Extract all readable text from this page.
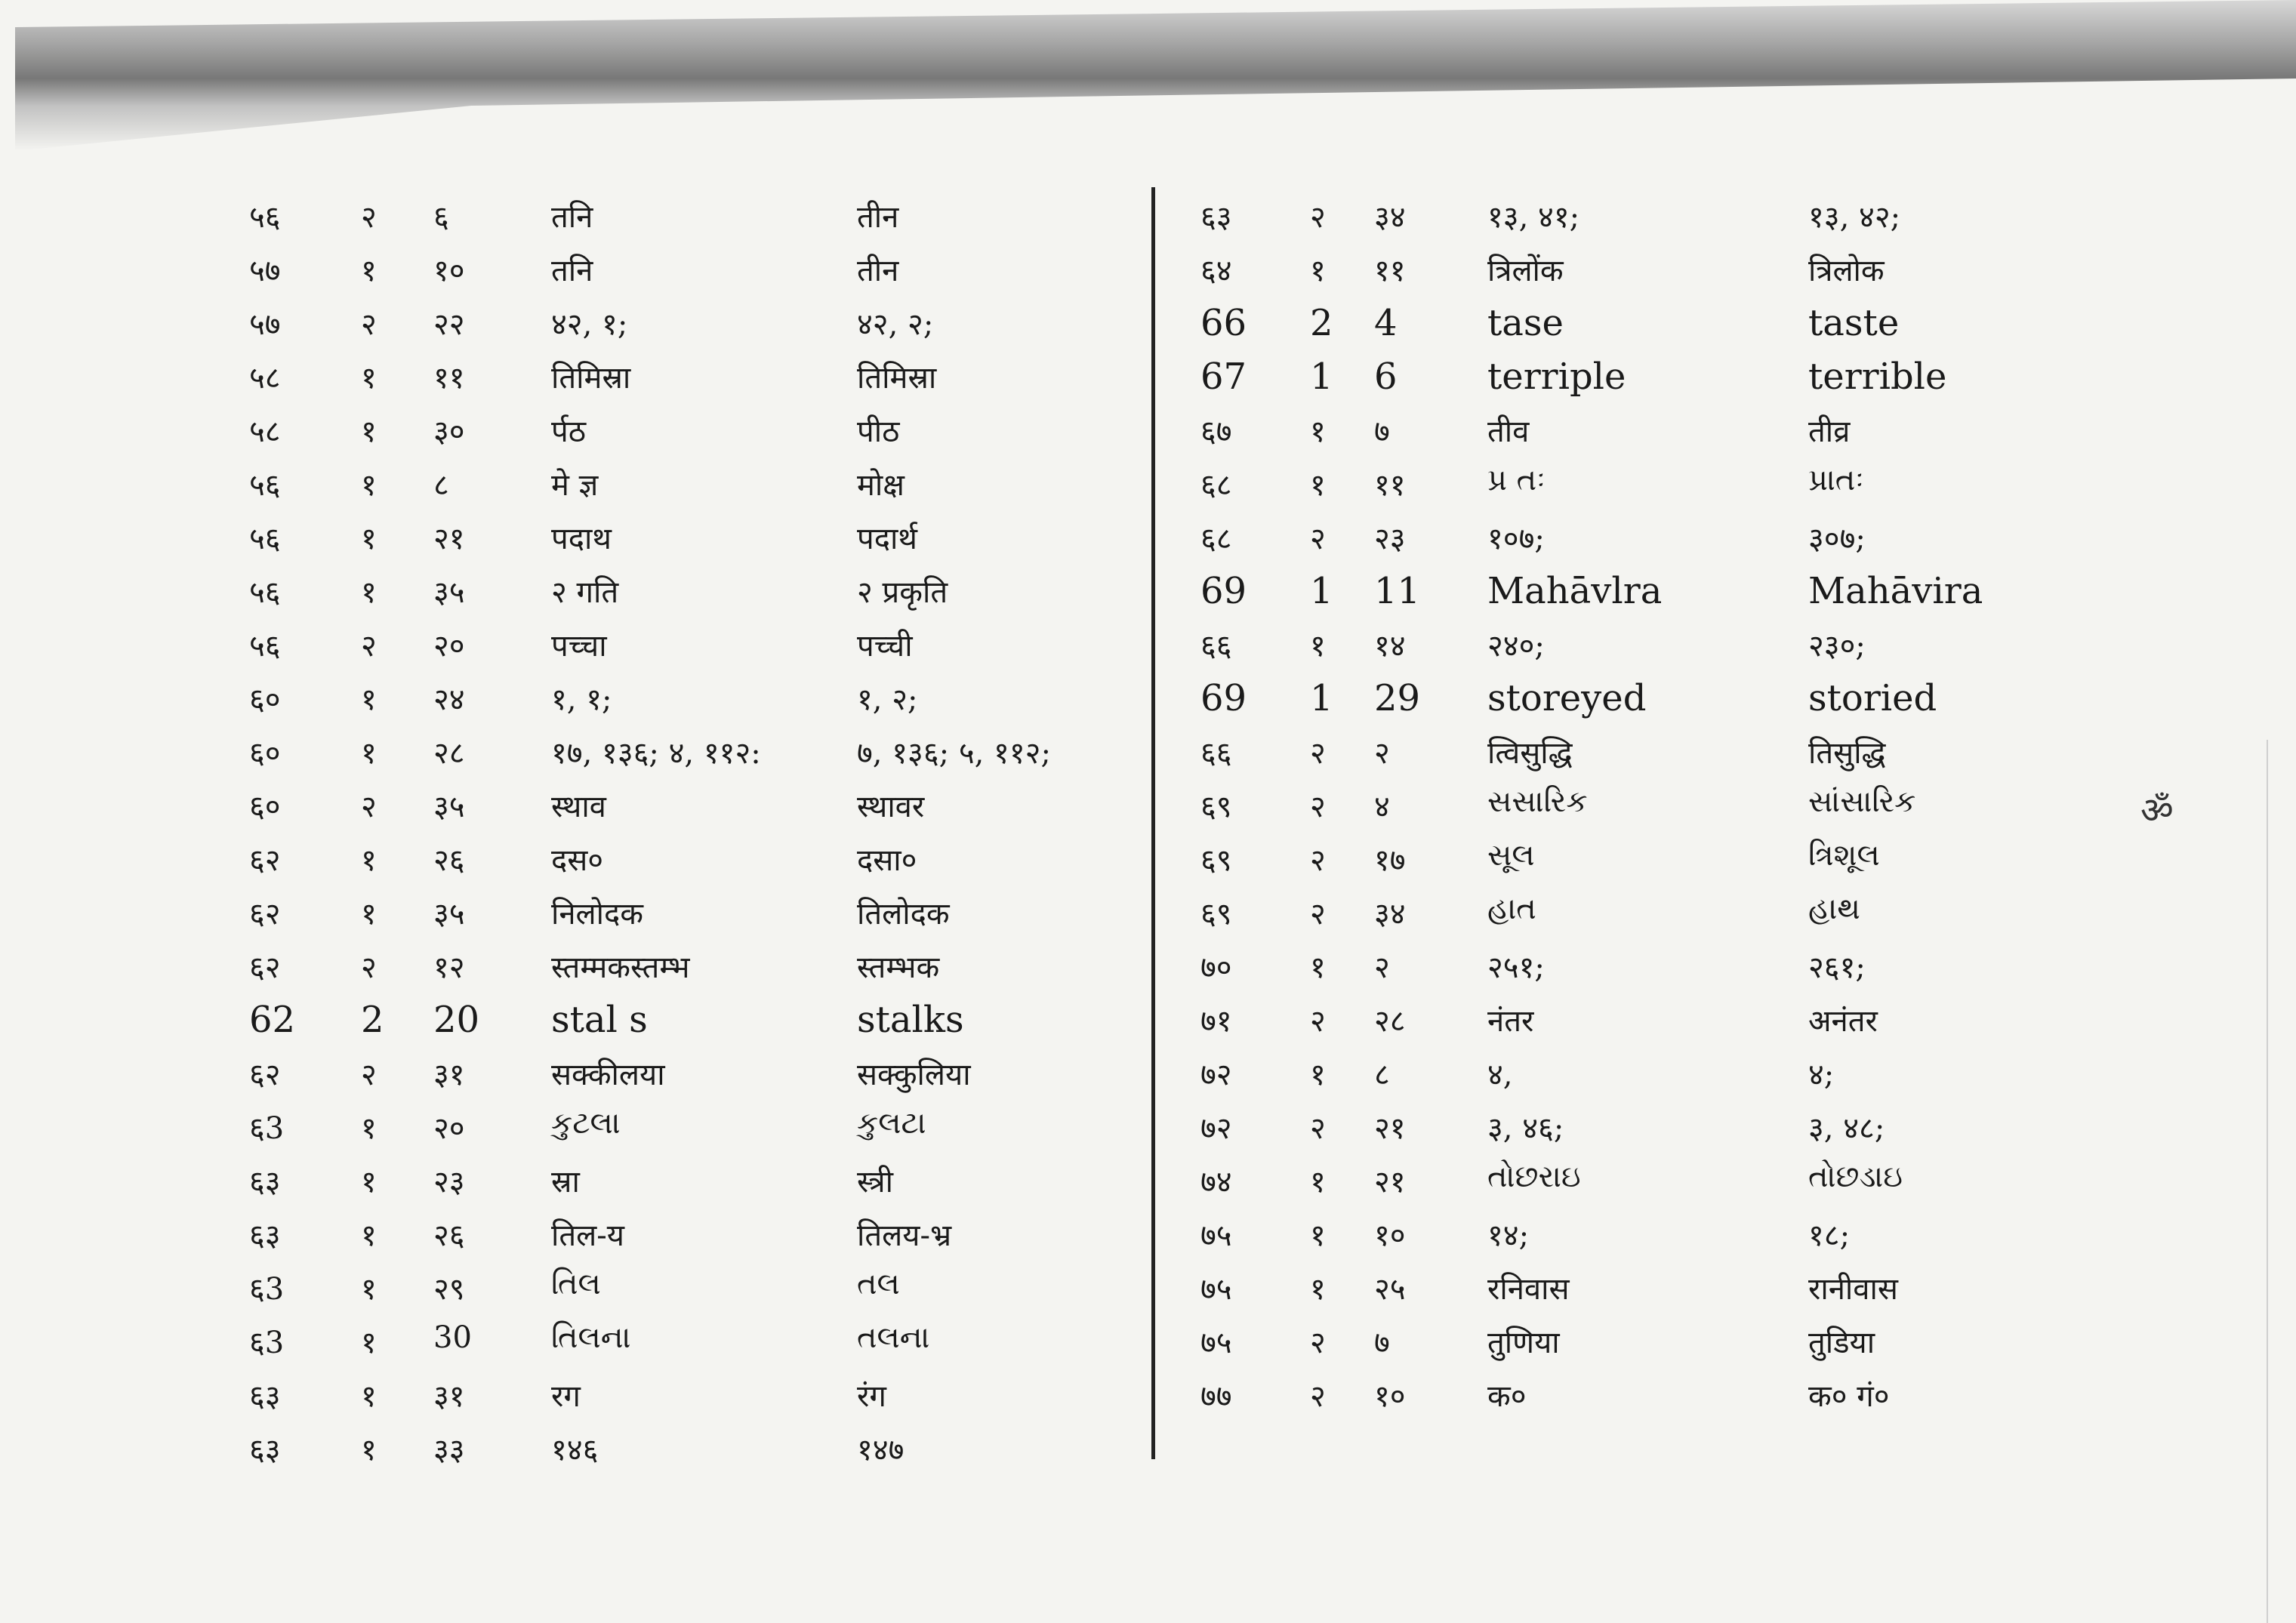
ॐ
५६	२ ६	तनि	तीन
५७	१ १०	तनि	तीन
५७	२ २२	४२, १;	४२, २;
५८	१ ११	तिमिस्रा	तिमिस्रा
५८	१ ३०	र्पठ	पीठ
५६	१ ८	मे ज्ञ	मोक्ष
५६	१ २१	पदाथ	पदार्थ
५६	१ ३५	२ गति	२ प्रकृति
५६	२ २०	पच्चा	पच्ची
६०	१ २४	१, १;	१, २;
६०	१ २८	१७, १३६; ४, ११२:	७, १३६; ५, ११२;
६०	२ ३५	स्थाव	स्थावर
६२	१ २६	दस०	दसा०
६२	१ ३५	निलोदक	तिलोदक
६२	२ १२	स्तम्मकस्तम्भ	स्तम्भक
62 2 20 stal s	stalks
६२	२ ३१	सक्कीलया	सक्कुलिया
६3	१ २०	કુટલા	કુલટા
६३	१ २३	स्रा	स्त्री
६३	१ २६	तिल-य	तिलय-भ्र
६3	१ २९	તિલ	તલ
६3	१ 30	તિલના	તલના
६३	१ ३१	रग	रंग
६३	१ ३३	१४६	१४७
६३	२ ३४	१३, ४१;	१३, ४२;
६४	१ ११	त्रिलोंक	त्रिलोक
66 2 4 tase	taste
67 1 6 terriple	terrible
६७	१ ७	तीव	तीव्र
६८	१ ११	પ્ર તઃ	પ્રાતઃ
६८	२ २३	१०७;	३०७;
69 1 11 Mahāvlra	Mahāvira
६६	१ १४	२४०;	२३०;
69 1 29 storeyed	storied
६६	२ २	त्विसुद्धि	तिसुद्धि
६९	२ ४	સસારિક	સાંસારિક
६९	२ १७	સૂલ	ત્રિશૂલ
६९	२ ३४	હાત	હાથ
७०	१ २	२५१;	२६१;
७१	२ २८	नंतर	अनंतर
७२	१ ८	४,	४;
७२	२ २१	३, ४६;	३, ४८;
७४	१ २१	તોછરાઇ	તોછડાઇ
७५	१ १०	१४;	१८;
७५	१ २५	रनिवास	रानीवास
७५	२ ७	तुणिया	तुडिया
७७	२ १०	क०	क० गं०
